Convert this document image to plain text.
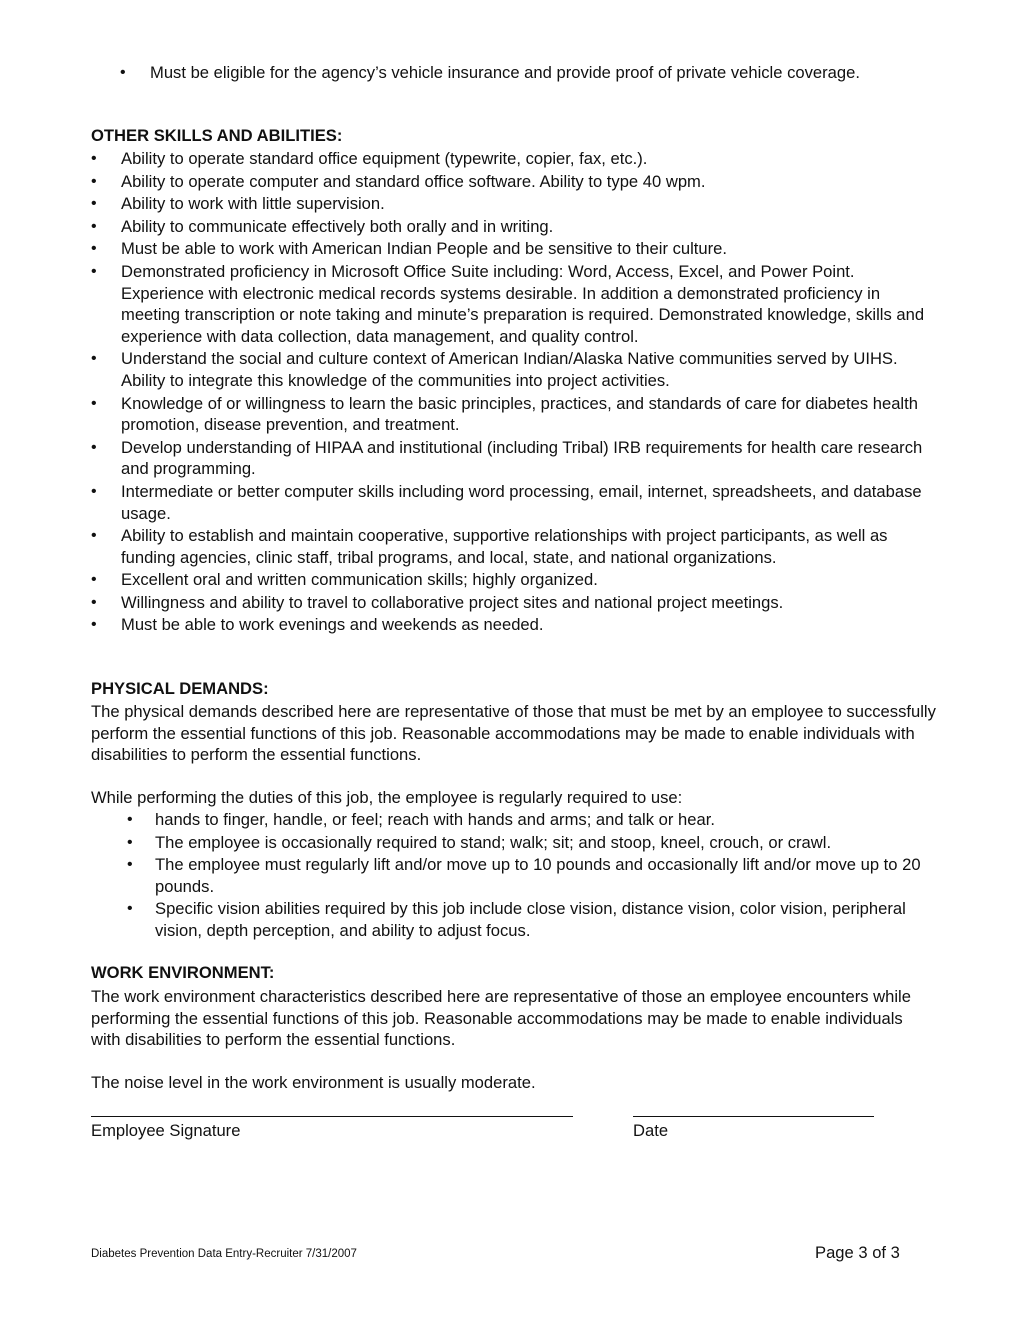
• Must be eligible for the agency’s vehicle insurance and provide proof of private vehicle coverage.
OTHER SKILLS AND ABILITIES:
• Ability to operate standard office equipment (typewrite, copier, fax, etc.).
• Ability to operate computer and standard office software. Ability to type 40 wpm.
• Ability to work with little supervision.
• Ability to communicate effectively both orally and in writing.
• Must be able to work with American Indian People and be sensitive to their culture.
• Demonstrated proficiency in Microsoft Office Suite including: Word, Access, Excel, and Power Point. Experience with electronic medical records systems desirable. In addition a demonstrated proficiency in meeting transcription or note taking and minute’s preparation is required. Demonstrated knowledge, skills and experience with data collection, data management, and quality control.
• Understand the social and culture context of American Indian/Alaska Native communities served by UIHS. Ability to integrate this knowledge of the communities into project activities.
• Knowledge of or willingness to learn the basic principles, practices, and standards of care for diabetes health promotion, disease prevention, and treatment.
• Develop understanding of HIPAA and institutional (including Tribal) IRB requirements for health care research and programming.
• Intermediate or better computer skills including word processing, email, internet, spreadsheets, and database usage.
• Ability to establish and maintain cooperative, supportive relationships with project participants, as well as funding agencies, clinic staff, tribal programs, and local, state, and national organizations.
• Excellent oral and written communication skills; highly organized.
• Willingness and ability to travel to collaborative project sites and national project meetings.
• Must be able to work evenings and weekends as needed.
PHYSICAL DEMANDS:

The physical demands described here are representative of those that must be met by an employee to successfully perform the essential functions of this job. Reasonable accommodations may be made to enable individuals with disabilities to perform the essential functions.

While performing the duties of this job, the employee is regularly required to use:

• hands to finger, handle, or feel; reach with hands and arms; and talk or hear.
• The employee is occasionally required to stand; walk; sit; and stoop, kneel, crouch, or crawl.
• The employee must regularly lift and/or move up to 10 pounds and occasionally lift and/or move up to 20 pounds.
• Specific vision abilities required by this job include close vision, distance vision, color vision, peripheral vision, depth perception, and ability to adjust focus.
WORK ENVIRONMENT:

The work environment characteristics described here are representative of those an employee encounters while performing the essential functions of this job. Reasonable accommodations may be made to enable individuals with disabilities to perform the essential functions.

The noise level in the work environment is usually moderate.

Employee Signature	Date

Diabetes Prevention Data Entry-Recruiter 7/31/2007	Page 3 of 3
